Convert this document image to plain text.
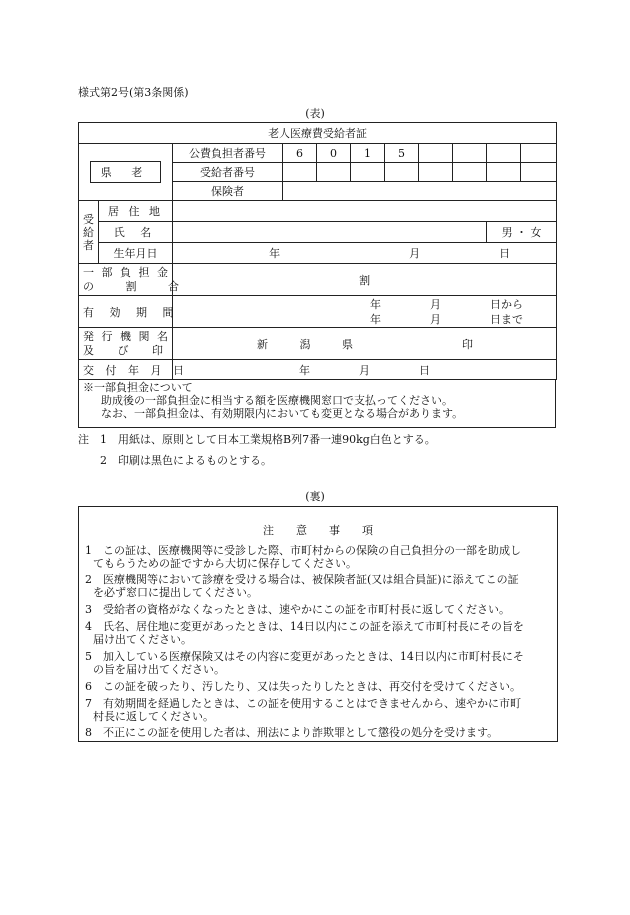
様式第2号(第3条関係)
(表)
老人医療費受給者証										
県 老		公費負担者番号	6	0	1	5				
		受給者番号								
		保険者								
受給者	居 住 地									
	氏 名								男 ・ 女	
	生年月日	年 月 日								

一 部 負 担 金
の 割 合		割								
有 効 期 間		年 月 日から
年 月 日まで								

発 行 機 関 名
及 び 印		新 潟 県 印								
交 付 年 月 日		年 月 日								
※一部負担金について
助成後の一部負担金に相当する額を医療機関窓口で支払ってください。
なお、一部負担金は、有効期限内においても変更となる場合があります。
注 1　用紙は、原則として日本工業規格B列7番一連90kg白色とする。
2　印刷は黒色によるものとする。
(裏)
注　　意　　事　　項
1　この証は、医療機関等に受診した際、市町村からの保険の自己負担分の一部を助成し
てもらうための証ですから大切に保存してください。
2　医療機関等において診療を受ける場合は、被保険者証(又は組合員証)に添えてこの証
を必ず窓口に提出してください。
3　受給者の資格がなくなったときは、速やかにこの証を市町村長に返してください。
4　氏名、居住地に変更があったときは、14日以内にこの証を添えて市町村長にその旨を
届け出てください。
5　加入している医療保険又はその内容に変更があったときは、14日以内に市町村長にそ
の旨を届け出てください。
6　この証を破ったり、汚したり、又は失ったりしたときは、再交付を受けてください。
7　有効期間を経過したときは、この証を使用することはできませんから、速やかに市町
村長に返してください。
8　不正にこの証を使用した者は、刑法により詐欺罪として懲役の処分を受けます。
